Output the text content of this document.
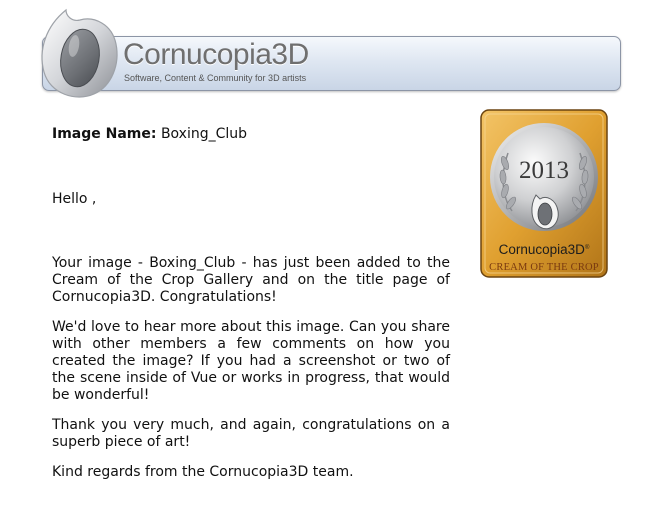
Cornucopia3D
Software, Content & Community for 3D artists

Image Name: Boxing_Club

Hello ,

Your image - Boxing_Club - has just been added to the Cream of the Crop Gallery and on the title page of Cornucopia3D. Congratulations!

We'd love to hear more about this image. Can you share with other members a few comments on how you created the image? If you had a screenshot or two of the scene inside of Vue or works in progress, that would be wonderful!

Thank you very much, and again, congratulations on a superb piece of art!

Kind regards from the Cornucopia3D team.

2013
Cornucopia3D®
CREAM OF THE CROP
